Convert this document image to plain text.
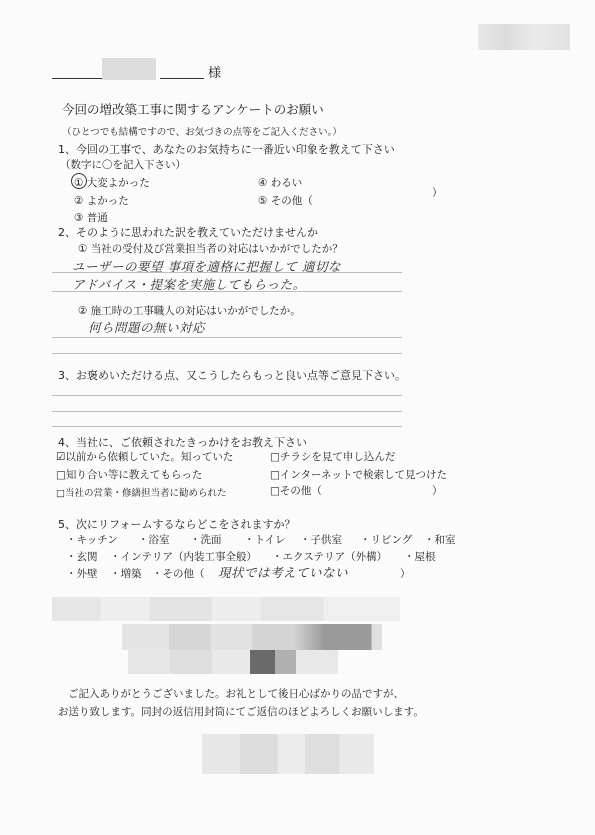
様
今回の増改築工事に関するアンケートのお願い
（ひとつでも結構ですので、お気づきの点等をご記入ください。）
1、今回の工事で、あなたのお気持ちに一番近い印象を教えて下さい
（数字に〇を記入下さい）
① 大変よかった
② よかった
③ 普通
④ わるい
⑤ その他（
）
2、そのように思われた訳を教えていただけませんか
① 当社の受付及び営業担当者の対応はいかがでしたか？
ユーザーの要望 事項を適格に把握して 適切な
アドバイス・提案を実施してもらった。
② 施工時の工事職人の対応はいかがでしたか。
何ら問題の無い対応
3、お褒めいただける点、又こうしたらもっと良い点等ご意見下さい。
4、当社に、ご依頼されたきっかけをお教え下さい
☑以前から依頼していた。知っていた
□知り合い等に教えてもらった
□当社の営業・修繕担当者に勧められた
□チラシを見て申し込んだ
□インターネットで検索して見つけた
□その他（	）
5、次にリフォームするならどこをされますか？
・キッチン ・浴室 ・洗面 ・トイレ ・子供室 ・リビング ・和室
・玄関 ・インテリア（内装工事全般） ・エクステリア（外構） ・屋根
・外壁 ・増築 ・その他（ 現状では考えていない	）
ご記入ありがとうございました。お礼として後日心ばかりの品ですが、
お送り致します。同封の返信用封筒にてご返信のほどよろしくお願いします。
